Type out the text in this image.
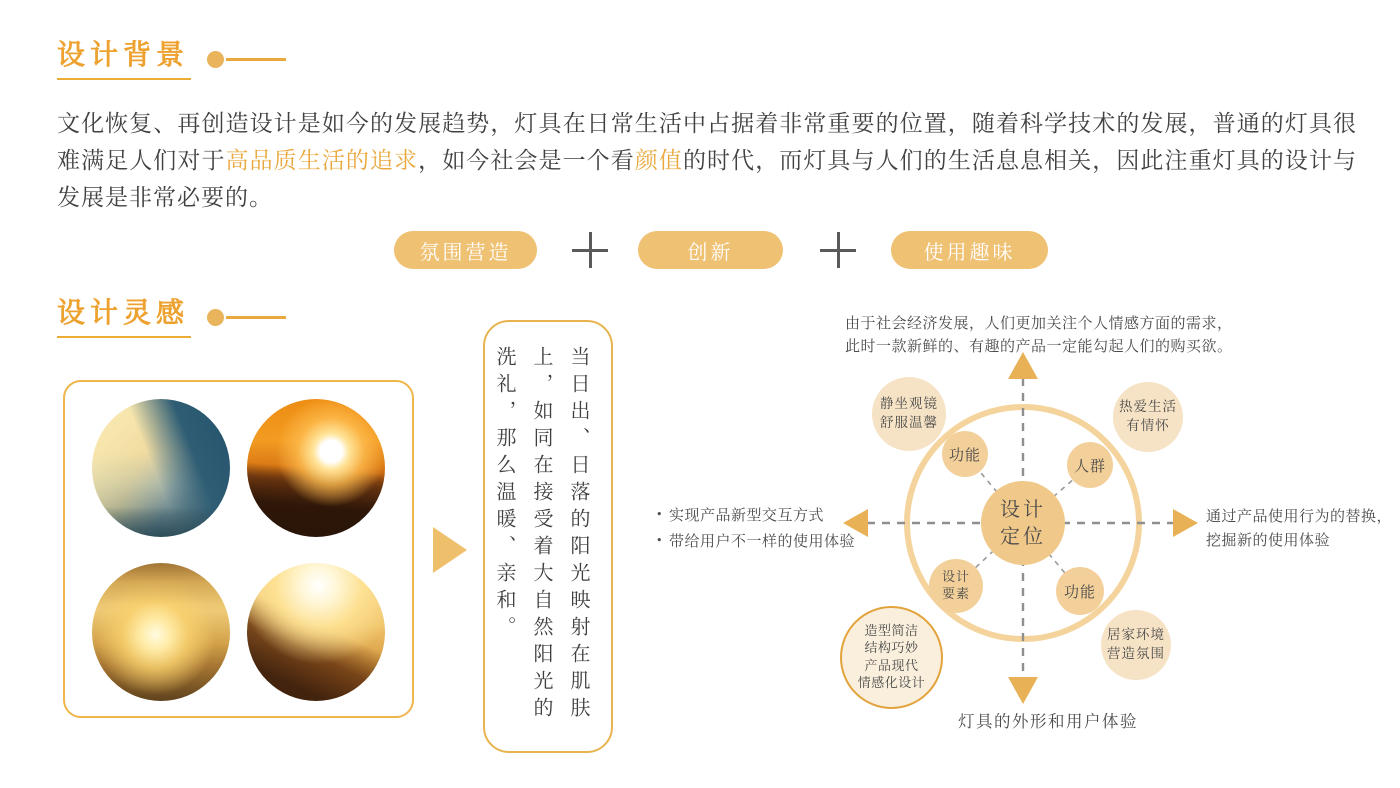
设计背景
文化恢复、再创造设计是如今的发展趋势，灯具在日常生活中占据着非常重要的位置，随着科学技术的发展，普通的灯具很难满足人们对于高品质生活的追求，如今社会是一个看颜值的时代，而灯具与人们的生活息息相关，因此注重灯具的设计与发展是非常必要的。
氛围营造	创新	使用趣味
设计灵感
当日出、日落的阳光映射在肌肤
上，如同在接受着大自然阳光的
洗礼，那么温暖、亲和。
由于社会经济发展，人们更加关注个人情感方面的需求，
此时一款新鲜的、有趣的产品一定能勾起人们的购买欲。
设计
定位
功能
人群
设计
要素	功能
静坐观镜
舒服温馨
热爱生活
有情怀
居家环境
营造氛围
造型简洁
结构巧妙
产品现代
情感化设计
灯具的外形和用户体验
• 实现产品新型交互方式
• 带给用户不一样的使用体验
通过产品使用行为的替换，
挖掘新的使用体验
